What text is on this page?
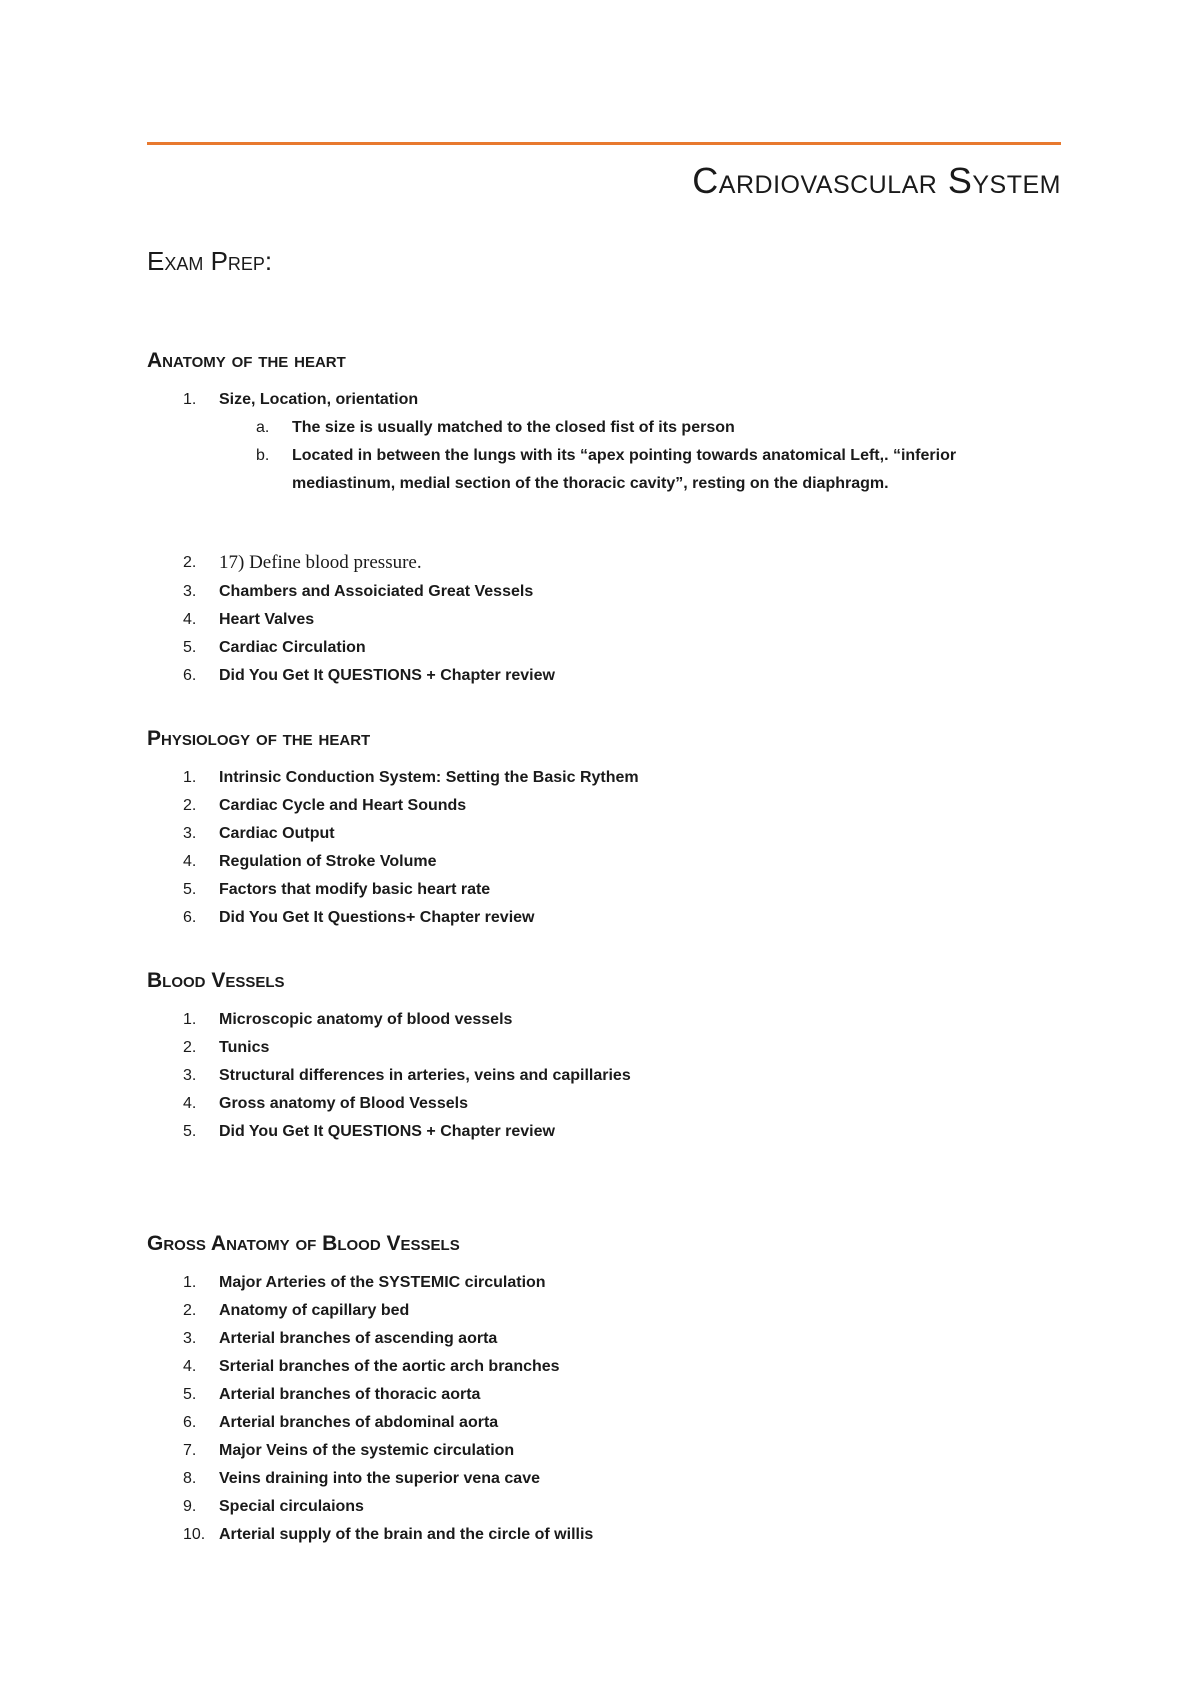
Cardiovascular System
Exam Prep:
Anatomy of the heart
1.	Size, Location, orientation
a.	The size is usually matched to the closed fist of its person
b.	Located in between the lungs with its “apex pointing towards anatomical Left,. “inferior mediastinum, medial section of the thoracic cavity”, resting on the diaphragm.
2.	17) Define blood pressure.
3.	Chambers and Assoiciated Great Vessels
4.	Heart Valves
5.	Cardiac Circulation
6.	Did You Get It QUESTIONS + Chapter review
Physiology of the heart
1.	Intrinsic Conduction System: Setting the Basic Rythem
2.	Cardiac Cycle and Heart Sounds
3.	Cardiac Output
4.	Regulation of Stroke Volume
5.	Factors that modify basic heart rate
6.	Did You Get It Questions+ Chapter review
Blood Vessels
1.	Microscopic anatomy of blood vessels
2.	Tunics
3.	Structural differences in arteries, veins and capillaries
4.	Gross anatomy of Blood Vessels
5.	Did You Get It QUESTIONS + Chapter review
Gross Anatomy of Blood Vessels
1.	Major Arteries of the SYSTEMIC circulation
2.	Anatomy of capillary bed
3.	Arterial branches of ascending aorta
4.	Srterial branches of the aortic arch branches
5.	Arterial branches of thoracic aorta
6.	Arterial branches of abdominal aorta
7.	Major Veins of the systemic circulation
8.	Veins draining into the superior vena cave
9.	Special circulaions
10. Arterial supply of the brain and the circle of willis
